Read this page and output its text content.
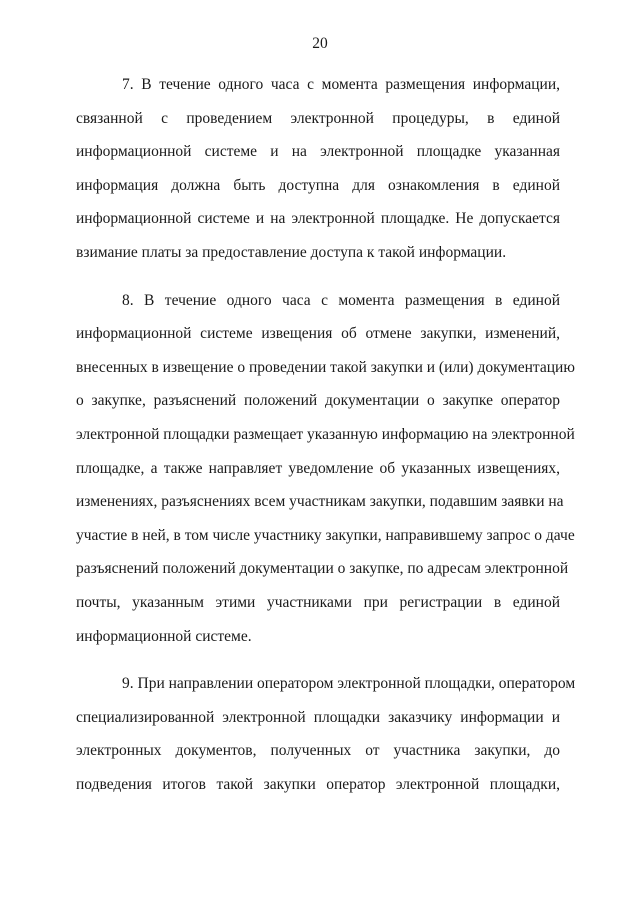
20

7. В течение одного часа с момента размещения информации,
связанной с проведением электронной процедуры, в единой
информационной системе и на электронной площадке указанная
информация должна быть доступна для ознакомления в единой
информационной системе и на электронной площадке. Не допускается
взимание платы за предоставление доступа к такой информации.

8. В течение одного часа с момента размещения в единой
информационной системе извещения об отмене закупки, изменений,
внесенных в извещение о проведении такой закупки и (или) документацию
о закупке, разъяснений положений документации о закупке оператор
электронной площадки размещает указанную информацию на электронной
площадке, а также направляет уведомление об указанных извещениях,
изменениях, разъяснениях всем участникам закупки, подавшим заявки на
участие в ней, в том числе участнику закупки, направившему запрос о даче
разъяснений положений документации о закупке, по адресам электронной
почты, указанным этими участниками при регистрации в единой
информационной системе.

9. При направлении оператором электронной площадки, оператором
специализированной электронной площадки заказчику информации и
электронных документов, полученных от участника закупки, до
подведения итогов такой закупки оператор электронной площадки,
